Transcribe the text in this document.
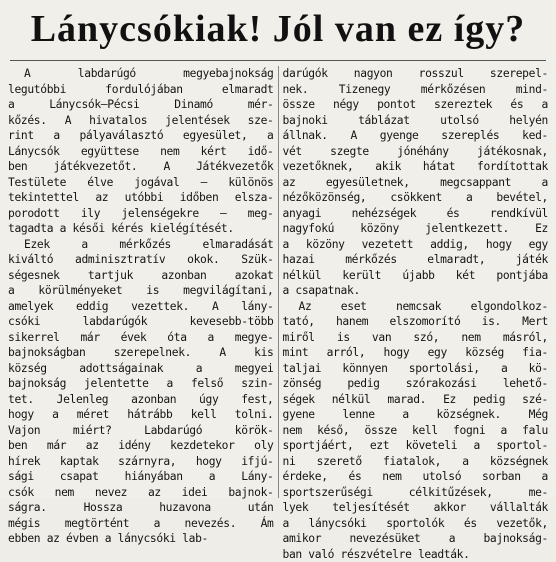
Lánycsókiak! Jól van ez így?

A labdarúgó megyebajnokság

legutóbbi fordulójában elmaradt

a Lánycsók—Pécsi Dinamó mér-

kőzés. A hivatalos jelentések sze-

rint a pályaválasztó egyesület, a

Lánycsók együttese nem kért idő-

ben játékvezetőt. A Játékvezetők

Testülete élve jogával — különös

tekintettel az utóbbi időben elsza-

porodott ily jelenségekre — meg-

tagadta a késői kérés kielégítését.

Ezek a mérkőzés elmaradását

kiváltó adminisztratív okok. Szük-

ségesnek tartjuk azonban azokat

a körülményeket is megvilágítani,

amelyek eddig vezettek. A lány-

csóki labdarúgók kevesebb-több

sikerrel már évek óta a megye-

bajnokságban szerepelnek. A kis

község adottságainak a megyei

bajnokság jelentette a felső szin-

tet. Jelenleg azonban úgy fest,

hogy a méret hátrább kell tolni.

Vajon miért? Labdarúgó körök-

ben már az idény kezdetekor oly

hírek kaptak szárnyra, hogy ifjú-

sági csapat hiányában a Lány-

csók nem nevez az idei bajnok-

ságra. Hossza huzavona után

mégis megtörtént a nevezés. Ám

ebben az évben a lánycsóki lab-

darúgók nagyon rosszul szerepel-

nek. Tizenegy mérkőzésen mind-

össze négy pontot szereztek és a

bajnoki táblázat utolsó helyén

állnak. A gyenge szereplés ked-

vét szegte jónéhány játékosnak,

vezetőknek, akik hátat fordítottak

az egyesületnek, megcsappant a

nézőközönség, csökkent a bevétel,

anyagi nehézségek és rendkívül

nagyfokú közöny jelentkezett. Ez

a közöny vezetett addig, hogy egy

hazai mérkőzés elmaradt, játék

nélkül került újabb két pontjába

a csapatnak.

Az eset nemcsak elgondolkoz-

tató, hanem elszomorító is. Mert

miről is van szó, nem másról,

mint arról, hogy egy község fia-

taljai könnyen sportolási, a kö-

zönség pedig szórakozási lehető-

ségek nélkül marad. Ez pedig szé-

gyene lenne a községnek. Még

nem késő, össze kell fogni a falu

sportjáért, ezt követeli a sportol-

ni szerető fiatalok, a községnek

érdeke, és nem utolsó sorban a

sportszerűségi célkitűzések, me-

lyek teljesítését akkor vállalták

a lánycsóki sportolók és vezetők,

amikor nevezésüket a bajnokság-

ban való részvételre leadták.
